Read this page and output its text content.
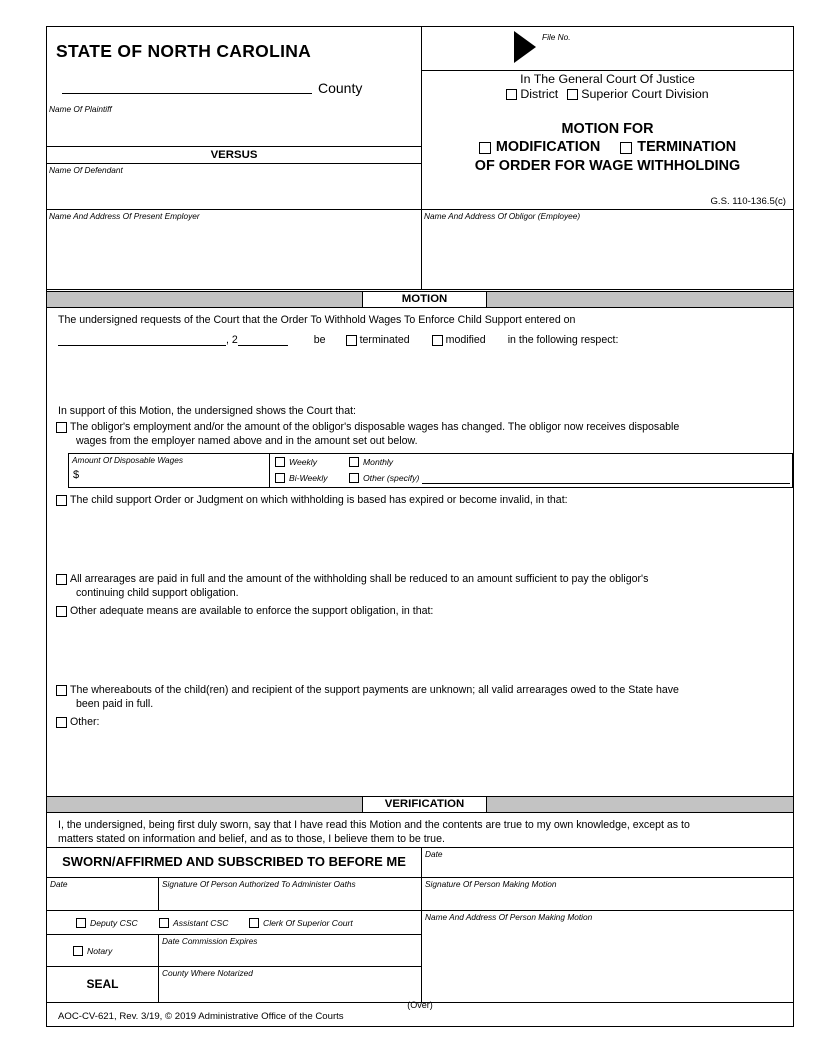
STATE OF NORTH CAROLINA
County
File No.
In The General Court Of Justice
District Superior Court Division
Name Of Plaintiff
VERSUS
Name Of Defendant
Name And Address Of Present Employer
MOTION FOR
MODIFICATION	TERMINATION
OF ORDER FOR WAGE WITHHOLDING
G.S. 110-136.5(c)
Name And Address Of Obligor (Employee)
MOTION
The undersigned requests of the Court that the Order To Withhold Wages To Enforce Child Support entered on
, 2	be	terminated	modified in the following respect:
In support of this Motion, the undersigned shows the Court that:
The obligor's employment and/or the amount of the obligor's disposable wages has changed. The obligor now receives disposable
wages from the employer named above and in the amount set out below.
Amount Of Disposable Wages
$
Weekly	Monthly
Bi-Weekly	Other (specify)
The child support Order or Judgment on which withholding is based has expired or become invalid, in that:
All arrearages are paid in full and the amount of the withholding shall be reduced to an amount sufficient to pay the obligor's
continuing child support obligation.
Other adequate means are available to enforce the support obligation, in that:
The whereabouts of the child(ren) and recipient of the support payments are unknown; all valid arrearages owed to the State have
been paid in full.
Other:
VERIFICATION
I, the undersigned, being first duly sworn, say that I have read this Motion and the contents are true to my own knowledge, except as to
matters stated on information and belief, and as to those, I believe them to be true.
SWORN/AFFIRMED AND SUBSCRIBED TO BEFORE ME	Date
Date	Signature Of Person Authorized To Administer Oaths	Signature Of Person Making Motion
Deputy CSC	Assistant CSC	Clerk Of Superior Court
Name And Address Of Person Making Motion
Notary
Date Commission Expires
SEAL
County Where Notarized
(Over)
AOC-CV-621, Rev. 3/19, © 2019 Administrative Office of the Courts
